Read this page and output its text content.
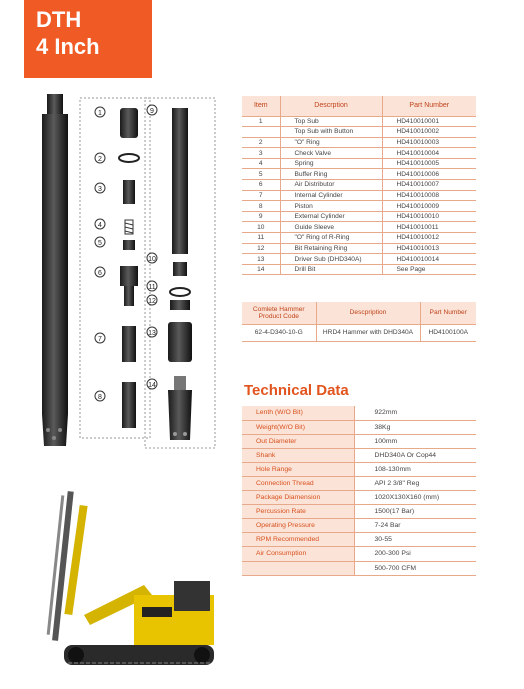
DTH
4 Inch
1
2
3
4
5
6
7
8
9
10
11
12
13
14
Item	Descrption	Part Number
1	Top Sub	HD410010001
	Top Sub with Button	HD410010002
2	"O" Ring	HD410010003
3	Check Valve	HD410010004
4	Spring	HD410010005
5	Buffer Ring	HD410010006
6	Air Distributor	HD410010007
7	Internal Cylinder	HD410010008
8	Piston	HD410010009
9	External Cylinder	HD410010010
10	Guide Sleeve	HD410010011
11	"O" Ring of R-Ring	HD410010012
12	Bit Retaining Ring	HD410010013
13	Driver Sub (DHD340A)	HD410010014
14	Drill Bit	See Page
Comlete Hammer Product Code	Descpription	Part Number
62-4-D340-10-G	HRD4 Hammer with DHD340A	HD4100100A
Technical Data
Lenth (W/O Bit)	922mm
Weight(W/O Bit)	38Kg
Out Diameter	100mm
Shank	DHD340A Or Cop44
Hole Range	108-130mm
Connection Thread	API 2 3/8" Reg
Package Diamension	1020X130X160 (mm)
Percussion Rate	1500(17 Bar)
Operating Pressure	7-24 Bar
RPM Recommended	30-55
Air Consumption	200-300 Psi
	500-700 CFM
